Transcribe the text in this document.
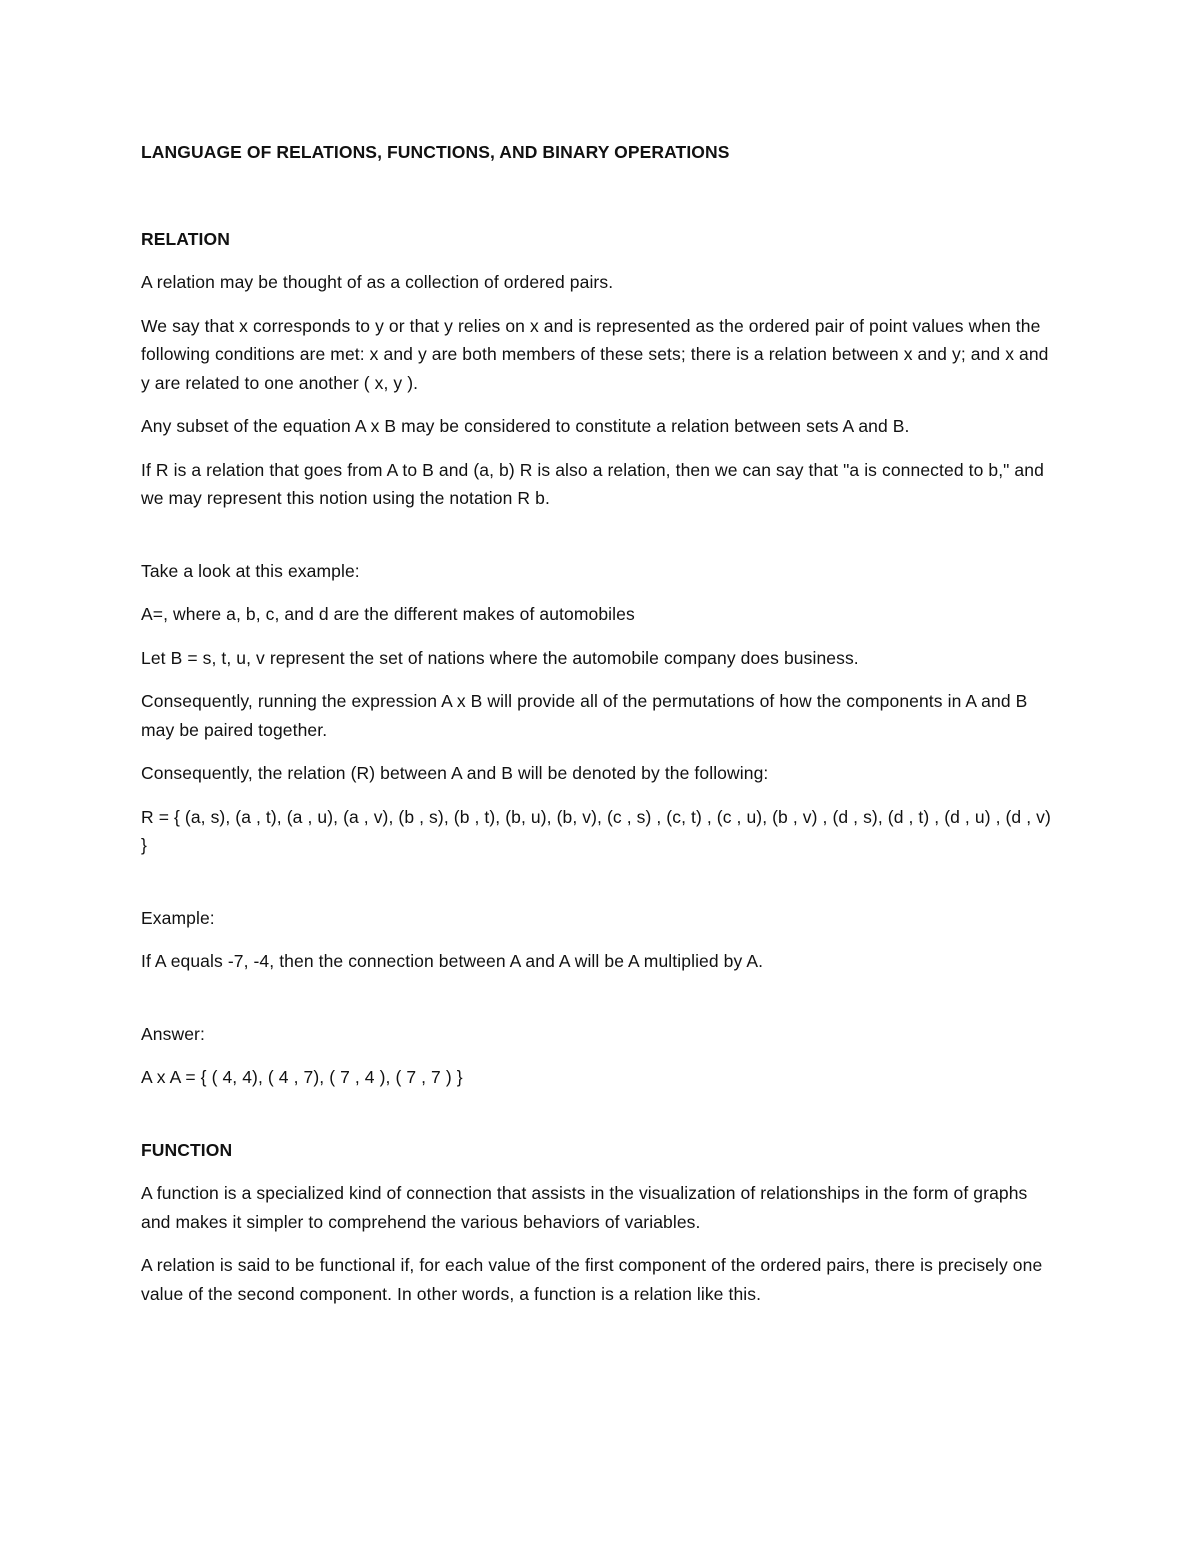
LANGUAGE OF RELATIONS, FUNCTIONS, AND BINARY OPERATIONS
RELATION

A relation may be thought of as a collection of ordered pairs.

We say that x corresponds to y or that y relies on x and is represented as the ordered pair of point values when the following conditions are met: x and y are both members of these sets; there is a relation between x and y; and x and y are related to one another ( x, y ).

Any subset of the equation A x B may be considered to constitute a relation between sets A and B.

If R is a relation that goes from A to B and (a, b) R is also a relation, then we can say that "a is connected to b," and we may represent this notion using the notation R b.

Take a look at this example:

A=, where a, b, c, and d are the different makes of automobiles

Let B = s, t, u, v represent the set of nations where the automobile company does business.

Consequently, running the expression A x B will provide all of the permutations of how the components in A and B may be paired together.

Consequently, the relation (R) between A and B will be denoted by the following:

R = { (a, s), (a , t), (a , u), (a , v), (b , s), (b , t), (b, u), (b, v), (c , s) , (c, t) , (c , u), (b , v) , (d , s), (d , t) , (d , u) , (d , v) }

Example:

If A equals -7, -4, then the connection between A and A will be A multiplied by A.

Answer:

A x A = { ( 4, 4), ( 4 , 7), ( 7 , 4 ), ( 7 , 7 ) }

FUNCTION

A function is a specialized kind of connection that assists in the visualization of relationships in the form of graphs and makes it simpler to comprehend the various behaviors of variables.

A relation is said to be functional if, for each value of the first component of the ordered pairs, there is precisely one value of the second component. In other words, a function is a relation like this.
